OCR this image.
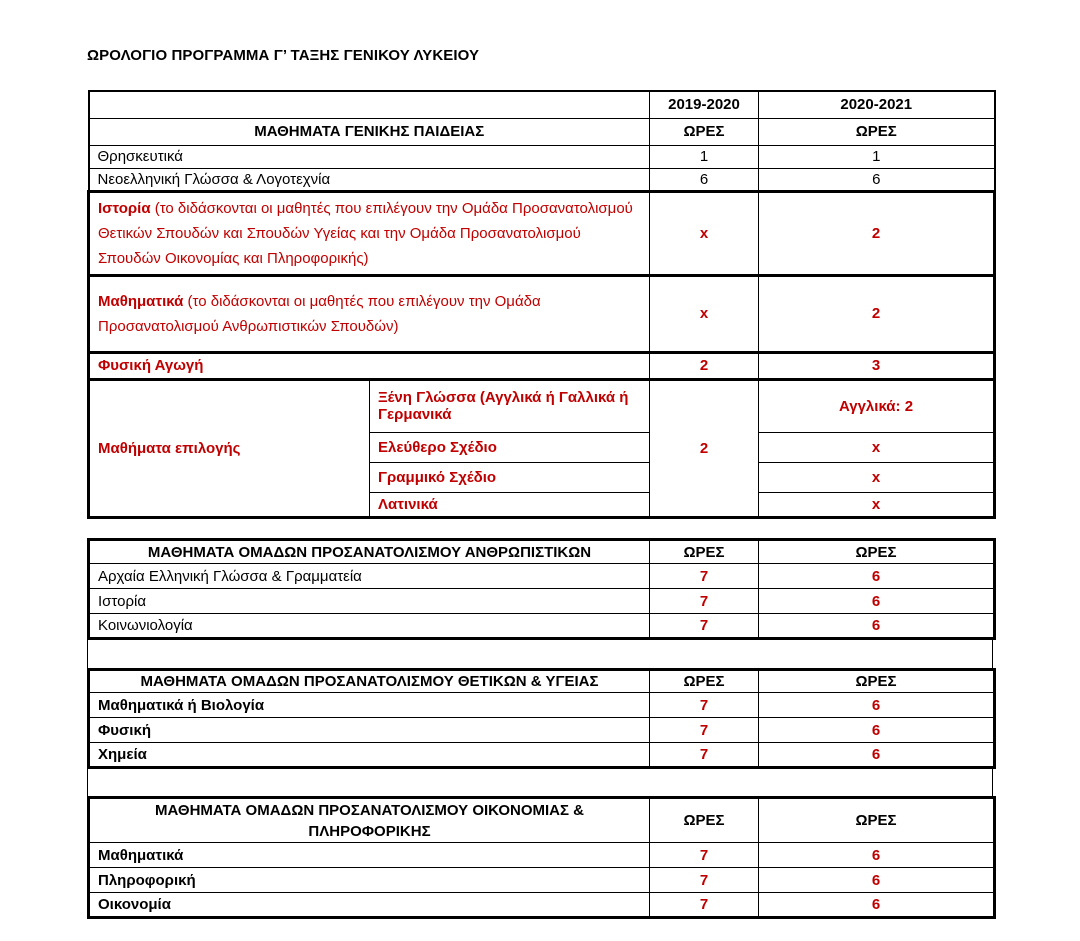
ΩΡΟΛΟΓΙΟ ΠΡΟΓΡΑΜΜΑ Γ’ ΤΑΞΗΣ ΓΕΝΙΚΟΥ ΛΥΚΕΙΟΥ
		2019-2020	2020-2021
ΜΑΘΗΜΑΤΑ ΓΕΝΙΚΗΣ ΠΑΙΔΕΙΑΣ		ΩΡΕΣ	ΩΡΕΣ
Θρησκευτικά		1	1
Νεοελληνική Γλώσσα & Λογοτεχνία		6	6
Ιστορία (το διδάσκονται οι μαθητές που επιλέγουν την Ομάδα Προσανατολισμού Θετικών Σπουδών και Σπουδών Υγείας και την Ομάδα Προσανατολισμού Σπουδών Οικονομίας και Πληροφορικής)		x	2
Μαθηματικά (το διδάσκονται οι μαθητές που επιλέγουν την Ομάδα Προσανατολισμού Ανθρωπιστικών Σπουδών)		x	2
Φυσική Αγωγή		2	3
Μαθήματα επιλογής	Ξένη Γλώσσα (Αγγλικά ή Γαλλικά ή Γερμανικά	2	Αγγλικά: 2
	Ελεύθερο Σχέδιο		x
	Γραμμικό Σχέδιο		x
	Λατινικά		x
ΜΑΘΗΜΑΤΑ ΟΜΑΔΩΝ ΠΡΟΣΑΝΑΤΟΛΙΣΜΟΥ ΑΝΘΡΩΠΙΣΤΙΚΩΝ	ΩΡΕΣ	ΩΡΕΣ
Αρχαία Ελληνική Γλώσσα & Γραμματεία	7	6
Ιστορία	7	6
Κοινωνιολογία	7	6
ΜΑΘΗΜΑΤΑ ΟΜΑΔΩΝ ΠΡΟΣΑΝΑΤΟΛΙΣΜΟΥ ΘΕΤΙΚΩΝ & ΥΓΕΙΑΣ	ΩΡΕΣ	ΩΡΕΣ
Μαθηματικά ή Βιολογία	7	6
Φυσική	7	6
Χημεία	7	6
ΜΑΘΗΜΑΤΑ ΟΜΑΔΩΝ ΠΡΟΣΑΝΑΤΟΛΙΣΜΟΥ ΟΙΚΟΝΟΜΙΑΣ & ΠΛΗΡΟΦΟΡΙΚΗΣ	ΩΡΕΣ	ΩΡΕΣ
Μαθηματικά	7	6
Πληροφορική	7	6
Οικονομία	7	6
